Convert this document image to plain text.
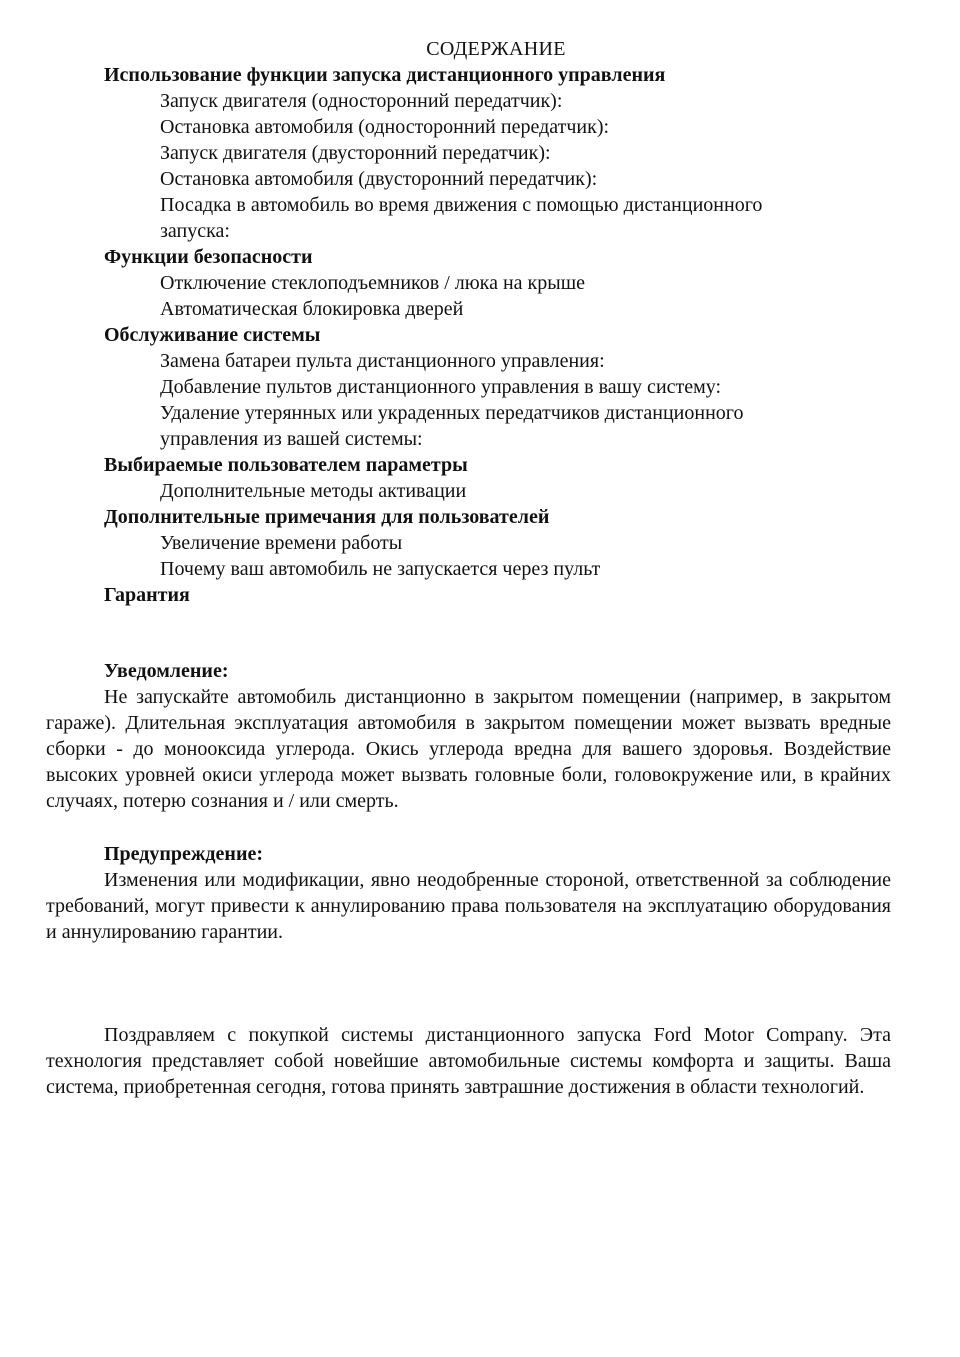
СОДЕРЖАНИЕ
Использование функции запуска дистанционного управления
Запуск двигателя (односторонний передатчик):
Остановка автомобиля (односторонний передатчик):
Запуск двигателя (двусторонний передатчик):
Остановка автомобиля (двусторонний передатчик):
Посадка в автомобиль во время движения с помощью дистанционного
запуска:
Функции безопасности
Отключение стеклоподъемников / люка на крыше
Автоматическая блокировка дверей
Обслуживание системы
Замена батареи пульта дистанционного управления:
Добавление пультов дистанционного управления в вашу систему:
Удаление утерянных или украденных передатчиков дистанционного
управления из вашей системы:
Выбираемые пользователем параметры
Дополнительные методы активации
Дополнительные примечания для пользователей
Увеличение времени работы
Почему ваш автомобиль не запускается через пульт
Гарантия
Уведомление:

Не запускайте автомобиль дистанционно в закрытом помещении (например, в закрытом гараже). Длительная эксплуатация автомобиля в закрытом помещении может вызвать вредные сборки - до монооксида углерода. Окись углерода вредна для вашего здоровья. Воздействие высоких уровней окиси углерода может вызвать головные боли, головокружение или, в крайних случаях, потерю сознания и / или смерть.

Предупреждение:

Изменения или модификации, явно неодобренные стороной, ответственной за соблюдение требований, могут привести к аннулированию права пользователя на эксплуатацию оборудования и аннулированию гарантии.

Поздравляем с покупкой системы дистанционного запуска Ford Motor Company. Эта технология представляет собой новейшие автомобильные системы комфорта и защиты. Ваша система, приобретенная сегодня, готова принять завтрашние достижения в области технологий.
